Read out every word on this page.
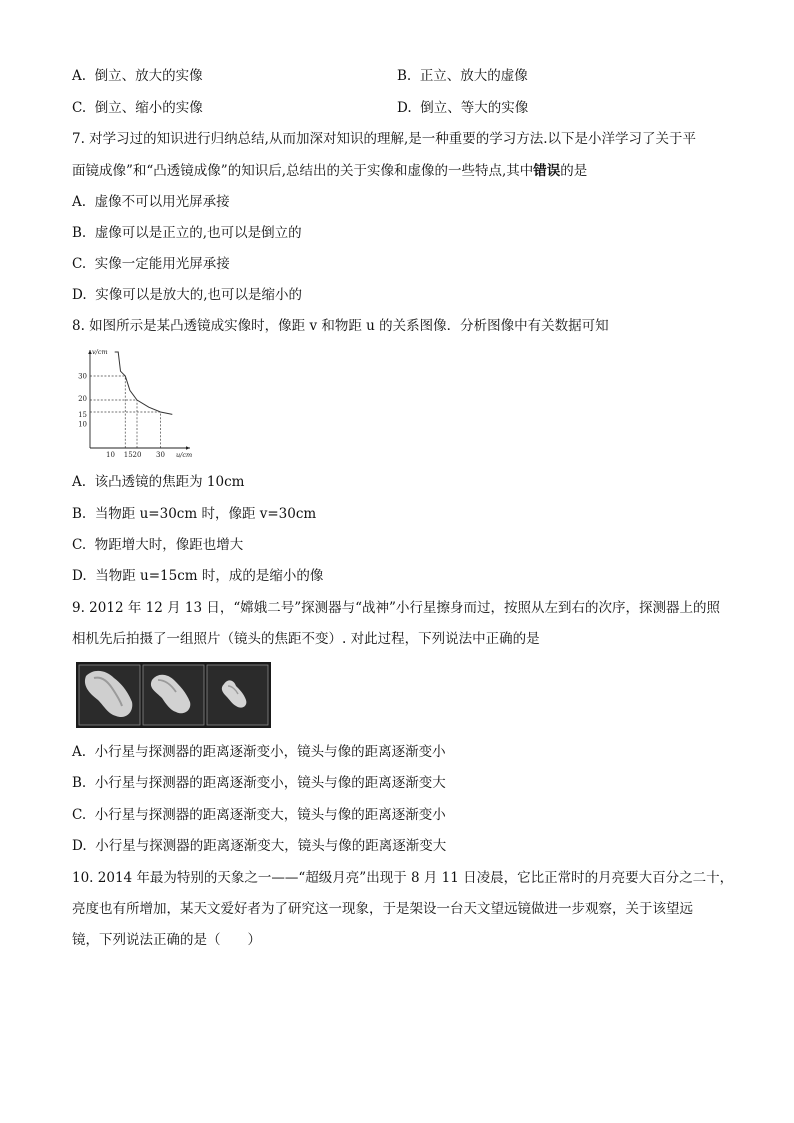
A. 倒立、放大的实像	B. 正立、放大的虚像
C. 倒立、缩小的实像	D. 倒立、等大的实像
7. 对学习过的知识进行归纳总结,从而加深对知识的理解,是一种重要的学习方法.以下是小洋学习了关于平
面镜成像”和“凸透镜成像”的知识后,总结出的关于实像和虚像的一些特点,其中错误的是
A. 虚像不可以用光屏承接
B. 虚像可以是正立的,也可以是倒立的
C. 实像一定能用光屏承接
D. 实像可以是放大的,也可以是缩小的
8. 如图所示是某凸透镜成实像时，像距 v 和物距 u 的关系图像．分析图像中有关数据可知
10 15 20 30
30
20
15
10
v/cm
u/cm
A. 该凸透镜的焦距为 10cm
B. 当物距 u=30cm 时，像距 v=30cm
C. 物距增大时，像距也增大
D. 当物距 u=15cm 时，成的是缩小的像
9. 2012 年 12 月 13 日，“嫦娥二号”探测器与“战神”小行星擦身而过，按照从左到右的次序，探测器上的照
相机先后拍摄了一组照片（镜头的焦距不变）. 对此过程，下列说法中正确的是
A. 小行星与探测器的距离逐渐变小，镜头与像的距离逐渐变小
B. 小行星与探测器的距离逐渐变小，镜头与像的距离逐渐变大
C. 小行星与探测器的距离逐渐变大，镜头与像的距离逐渐变小
D. 小行星与探测器的距离逐渐变大，镜头与像的距离逐渐变大
10. 2014 年最为特别的天象之一——“超级月亮”出现于 8 月 11 日凌晨，它比正常时的月亮要大百分之二十，
亮度也有所增加，某天文爱好者为了研究这一现象，于是架设一台天文望远镜做进一步观察，关于该望远
镜，下列说法正确的是（　　）
